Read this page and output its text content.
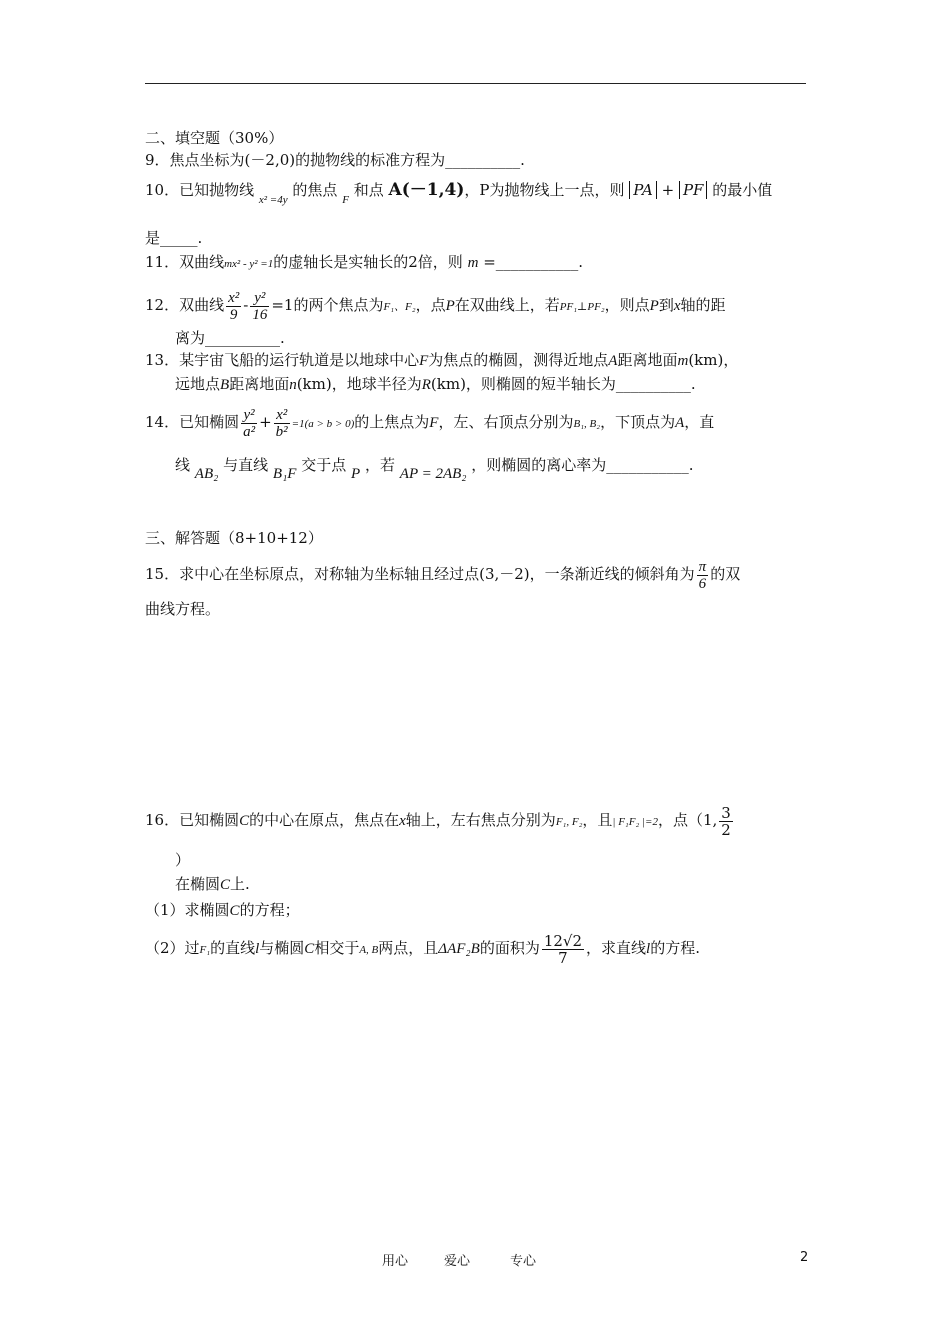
二、填空题（30%）
9．焦点坐标为(－2,0)的抛物线的标准方程为__________.
10．已知抛物线 $_{x^2 =4y}$ 的焦点 $_F$ 和点 A(－1,4)，P为抛物线上一点，则 PA + PF 的最小值
是_____.
11．双曲线mx² - y² =1的虚轴长是实轴长的2倍，则 m =___________.
12．双曲线 $\frac{\text{x²}}{9} - \frac{\text{y²}}{16} =1$的两个焦点为F₁、F₂，点P在双曲线上，若PF₁⊥PF₂，则点P到x轴的距
离为__________.
13．某宇宙飞船的运行轨道是以地球中心F为焦点的椭圆，测得近地点A距离地面m(km)，
远地点B距离地面n(km)，地球半径为R(km)，则椭圆的短半轴长为__________.
14．已知椭圆 $\frac{\text{y²}}{\text{a²}} + \frac{\text{x²}}{\text{b²}} =1(a > b > 0)$的上焦点为F，左、右顶点分别为B₁, B₂，下顶点为A，直
线 AB₂ 与直线 B₁F 交于点 P ，若 AP = 2AB₂ ，则椭圆的离心率为___________.
三、解答题（8+10+12）
15．求中心在坐标原点，对称轴为坐标轴且经过点(3,－2)，一条渐近线的倾斜角为 $\frac{\pi}{6}$ 的双
曲线方程。
16．已知椭圆C的中心在原点，焦点在x轴上，左右焦点分别为F₁, F₂，且| F₁F₂ |=2，点（1, $\frac{3}{2}$
）
在椭圆C上.
（1）求椭圆C的方程；
（2）过F₁的直线l与椭圆C相交于A, B两点，且ΔAF₂B的面积为 $\frac{12√2}{7}$ ，求直线l的方程.
用心	爱心	专心	2
